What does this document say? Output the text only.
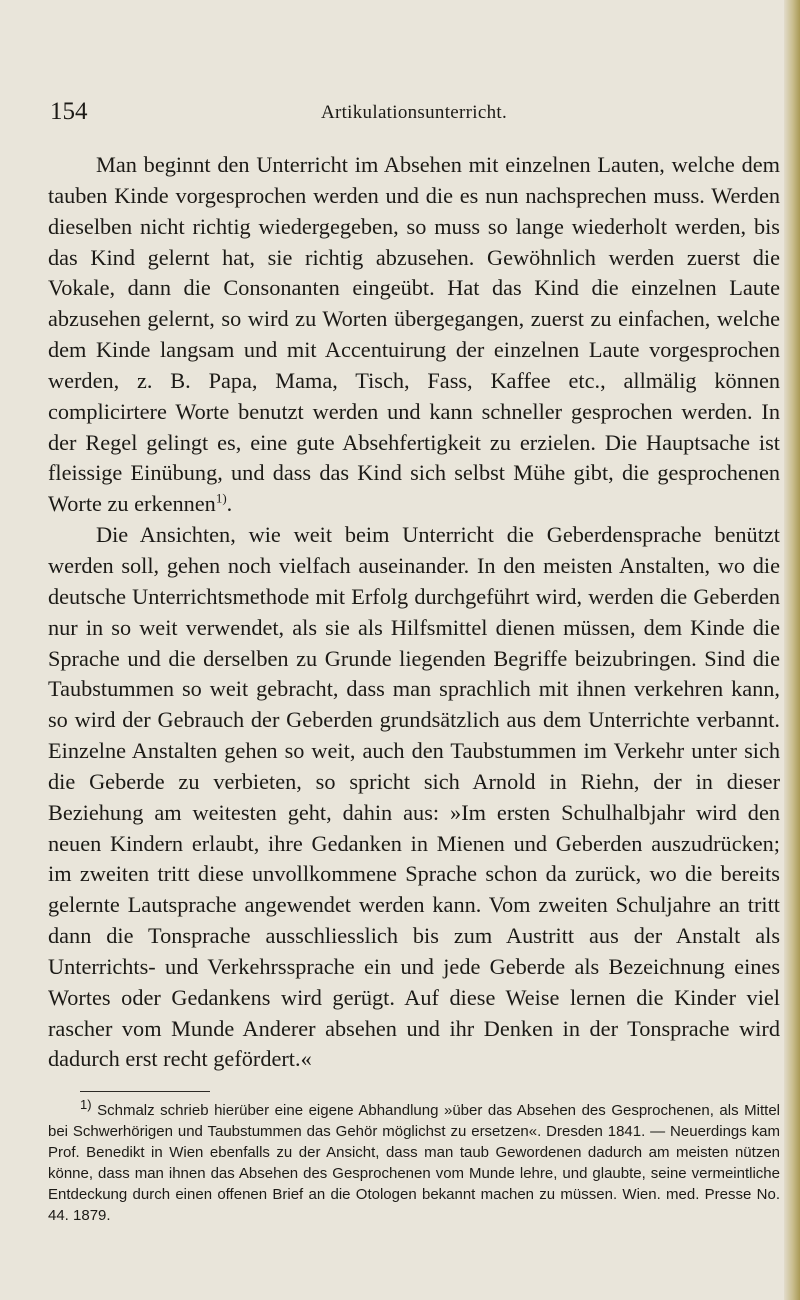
154	Artikulationsunterricht.

Man beginnt den Unterricht im Absehen mit einzelnen Lauten, welche dem tauben Kinde vorgesprochen werden und die es nun nachsprechen muss. Werden dieselben nicht richtig wiedergegeben, so muss so lange wiederholt werden, bis das Kind gelernt hat, sie richtig abzusehen. Gewöhnlich werden zuerst die Vokale, dann die Consonanten eingeübt. Hat das Kind die einzelnen Laute abzusehen gelernt, so wird zu Worten übergegangen, zuerst zu einfachen, welche dem Kinde langsam und mit Accentuirung der einzelnen Laute vorgesprochen werden, z. B. Papa, Mama, Tisch, Fass, Kaffee etc., allmälig können complicirtere Worte benutzt werden und kann schneller gesprochen werden. In der Regel gelingt es, eine gute Absehfertigkeit zu erzielen. Die Hauptsache ist fleissige Einübung, und dass das Kind sich selbst Mühe gibt, die gesprochenen Worte zu erkennen$^{1)}$.

Die Ansichten, wie weit beim Unterricht die Geberdensprache benützt werden soll, gehen noch vielfach auseinander. In den meisten Anstalten, wo die deutsche Unterrichtsmethode mit Erfolg durchgeführt wird, werden die Geberden nur in so weit verwendet, als sie als Hilfsmittel dienen müssen, dem Kinde die Sprache und die derselben zu Grunde liegenden Begriffe beizubringen. Sind die Taubstummen so weit gebracht, dass man sprachlich mit ihnen verkehren kann, so wird der Gebrauch der Geberden grundsätzlich aus dem Unterrichte verbannt. Einzelne Anstalten gehen so weit, auch den Taubstummen im Verkehr unter sich die Geberde zu verbieten, so spricht sich Arnold in Riehn, der in dieser Beziehung am weitesten geht, dahin aus: »Im ersten Schulhalbjahr wird den neuen Kindern erlaubt, ihre Gedanken in Mienen und Geberden auszudrücken; im zweiten tritt diese unvollkommene Sprache schon da zurück, wo die bereits gelernte Lautsprache angewendet werden kann. Vom zweiten Schuljahre an tritt dann die Tonsprache ausschliesslich bis zum Austritt aus der Anstalt als Unterrichts- und Verkehrssprache ein und jede Geberde als Bezeichnung eines Wortes oder Gedankens wird gerügt. Auf diese Weise lernen die Kinder viel rascher vom Munde Anderer absehen und ihr Denken in der Tonsprache wird dadurch erst recht gefördert.«

$^{1)}$ Schmalz schrieb hierüber eine eigene Abhandlung »über das Absehen des Gesprochenen, als Mittel bei Schwerhörigen und Taubstummen das Gehör möglichst zu ersetzen«. Dresden 1841. — Neuerdings kam Prof. Benedikt in Wien ebenfalls zu der Ansicht, dass man taub Gewordenen dadurch am meisten nützen könne, dass man ihnen das Absehen des Gesprochenen vom Munde lehre, und glaubte, seine vermeintliche Entdeckung durch einen offenen Brief an die Otologen bekannt machen zu müssen. Wien. med. Presse No. 44. 1879.
